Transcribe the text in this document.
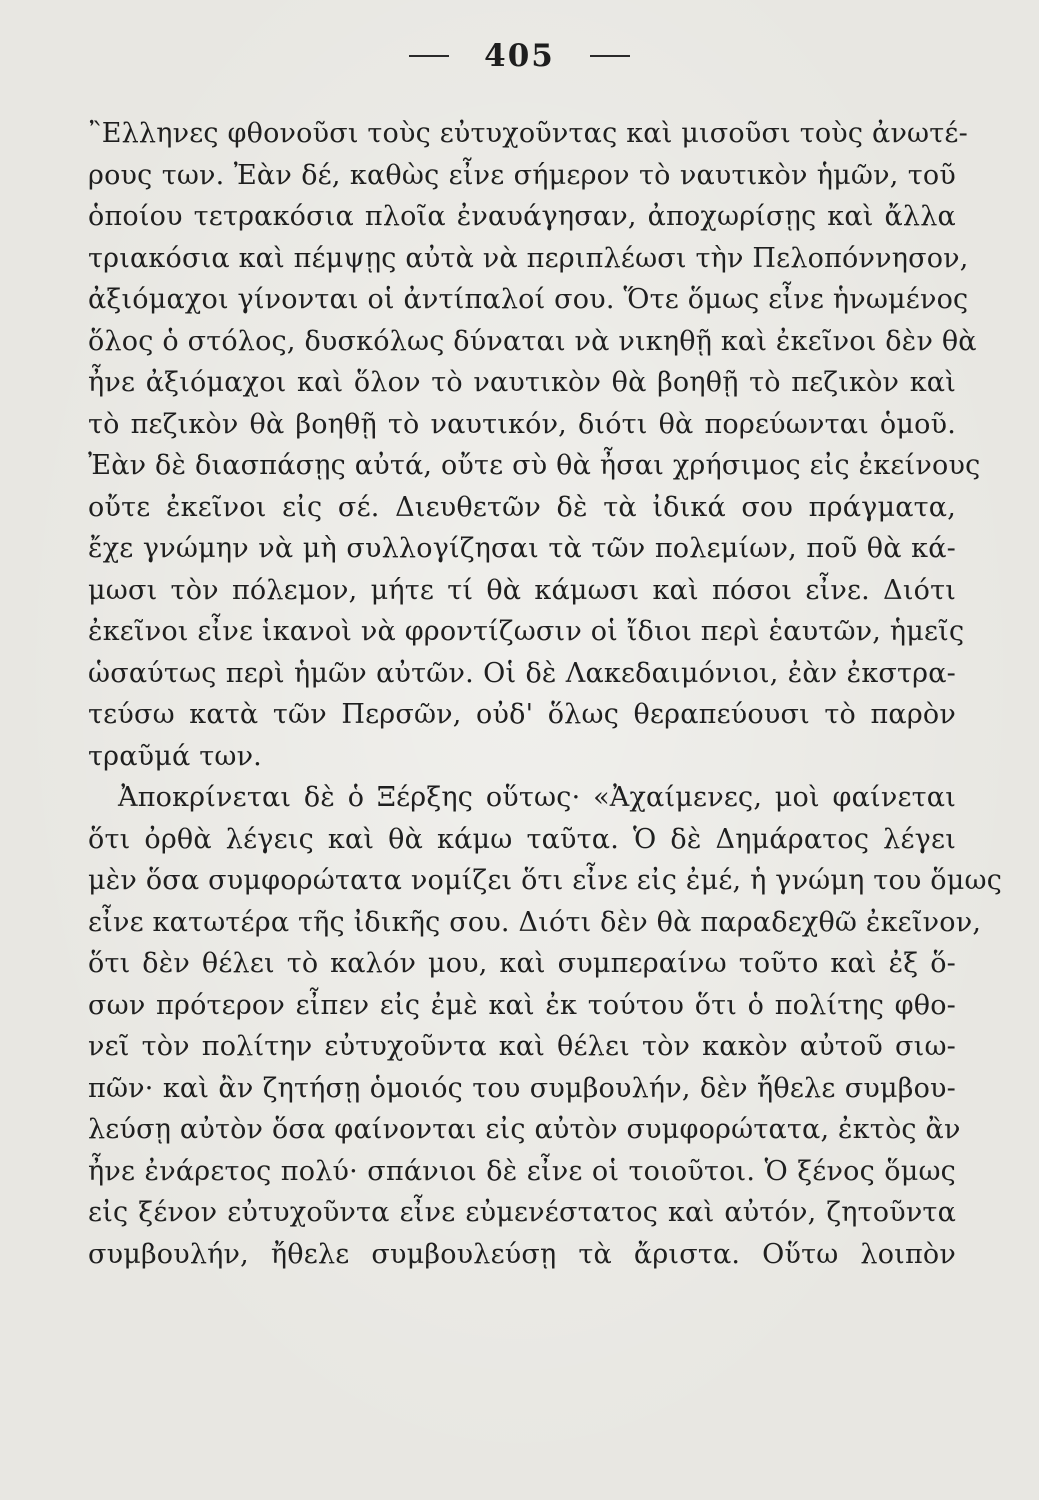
405
῍Ελληνες φθονοῦσι τοὺς εὐτυχοῦντας καὶ μισοῦσι τοὺς ἀνωτέ-
ρους των. Ἐὰν δέ, καθὼς εἶνε σήμερον τὸ ναυτικὸν ἡμῶν, τοῦ
ὁποίου τετρακόσια πλοῖα ἐναυάγησαν, ἀποχωρίσῃς καὶ ἄλλα
τριακόσια καὶ πέμψῃς αὐτὰ νὰ περιπλέωσι τὴν Πελοπόννησον,
ἀξιόμαχοι γίνονται οἱ ἀντίπαλοί σου. Ὅτε ὅμως εἶνε ἡνωμένος
ὅλος ὁ στόλος, δυσκόλως δύναται νὰ νικηθῇ καὶ ἐκεῖνοι δὲν θὰ
ἦνε ἀξιόμαχοι καὶ ὅλον τὸ ναυτικὸν θὰ βοηθῇ τὸ πεζικὸν καὶ
τὸ πεζικὸν θὰ βοηθῇ τὸ ναυτικόν, διότι θὰ πορεύωνται ὁμοῦ.
Ἐὰν δὲ διασπάσῃς αὐτά, οὔτε σὺ θὰ ἦσαι χρήσιμος εἰς ἐκείνους
οὔτε ἐκεῖνοι εἰς σέ. Διευθετῶν δὲ τὰ ἰδικά σου πράγματα,
ἔχε γνώμην νὰ μὴ συλλογίζησαι τὰ τῶν πολεμίων, ποῦ θὰ κά-
μωσι τὸν πόλεμον, μήτε τί θὰ κάμωσι καὶ πόσοι εἶνε. Διότι
ἐκεῖνοι εἶνε ἱκανοὶ νὰ φροντίζωσιν οἱ ἴδιοι περὶ ἑαυτῶν, ἡμεῖς
ὡσαύτως περὶ ἡμῶν αὐτῶν. Οἱ δὲ Λακεδαιμόνιοι, ἐὰν ἐκστρα-
τεύσω κατὰ τῶν Περσῶν, οὐδ' ὅλως θεραπεύουσι τὸ παρὸν
τραῦμά των.
Ἀποκρίνεται δὲ ὁ Ξέρξης οὕτως· «Ἀχαίμενες, μοὶ φαίνεται
ὅτι ὀρθὰ λέγεις καὶ θὰ κάμω ταῦτα. Ὁ δὲ Δημάρατος λέγει
μὲν ὅσα συμφορώτατα νομίζει ὅτι εἶνε εἰς ἐμέ, ἡ γνώμη του ὅμως
εἶνε κατωτέρα τῆς ἰδικῆς σου. Διότι δὲν θὰ παραδεχθῶ ἐκεῖνον,
ὅτι δὲν θέλει τὸ καλόν μου, καὶ συμπεραίνω τοῦτο καὶ ἐξ ὅ-
σων πρότερον εἶπεν εἰς ἐμὲ καὶ ἐκ τούτου ὅτι ὁ πολίτης φθο-
νεῖ τὸν πολίτην εὐτυχοῦντα καὶ θέλει τὸν κακὸν αὐτοῦ σιω-
πῶν· καὶ ἂν ζητήσῃ ὁμοιός του συμβουλήν, δὲν ἤθελε συμβου-
λεύσῃ αὐτὸν ὅσα φαίνονται εἰς αὐτὸν συμφορώτατα, ἐκτὸς ἂν
ἦνε ἐνάρετος πολύ· σπάνιοι δὲ εἶνε οἱ τοιοῦτοι. Ὁ ξένος ὅμως
εἰς ξένον εὐτυχοῦντα εἶνε εὐμενέστατος καὶ αὐτόν, ζητοῦντα
συμβουλήν, ἤθελε συμβουλεύσῃ τὰ ἄριστα. Οὕτω λοιπὸν
